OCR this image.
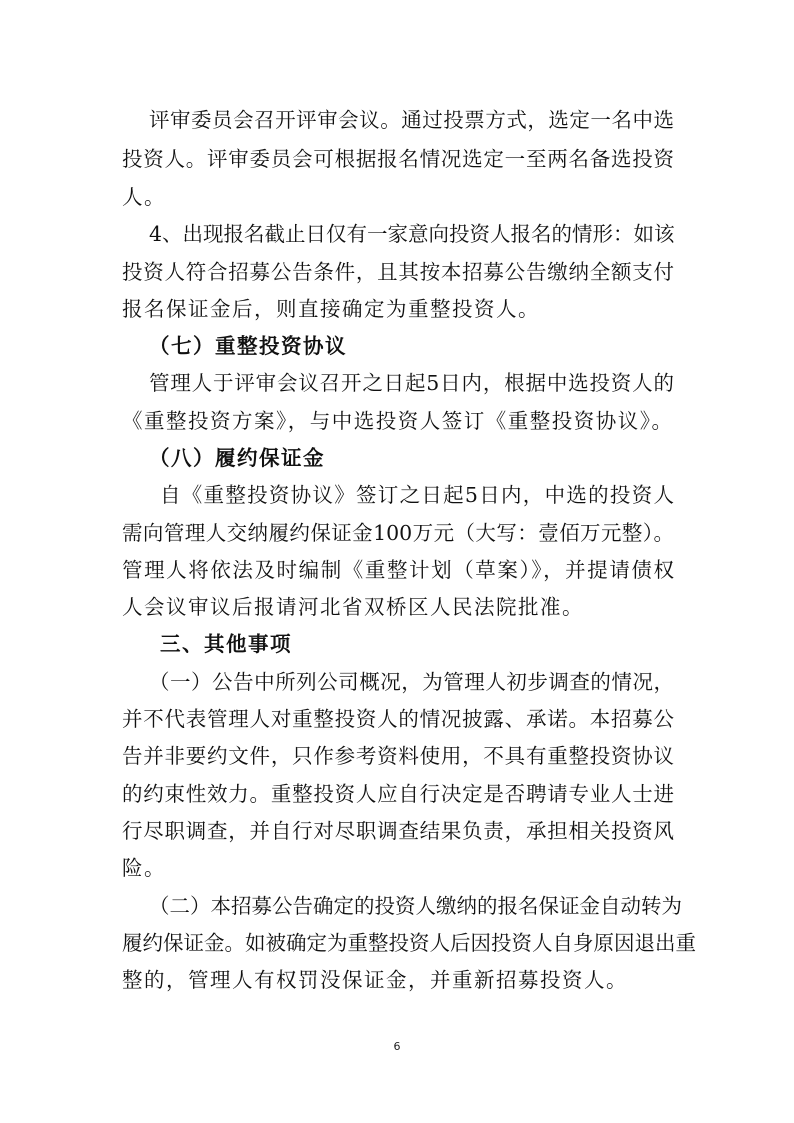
评审委员会召开评审会议。通过投票方式，选定一名中选
投资人。评审委员会可根据报名情况选定一至两名备选投资
人。
4、出现报名截止日仅有一家意向投资人报名的情形：如该
投资人符合招募公告条件，且其按本招募公告缴纳全额支付
报名保证金后，则直接确定为重整投资人。
（七）重整投资协议
管理人于评审会议召开之日起5日内，根据中选投资人的
《重整投资方案》，与中选投资人签订《重整投资协议》。
（八）履约保证金
自《重整投资协议》签订之日起5日内，中选的投资人
需向管理人交纳履约保证金100万元（大写：壹佰万元整）。
管理人将依法及时编制《重整计划（草案）》，并提请债权
人会议审议后报请河北省双桥区人民法院批准。
三、其他事项
（一）公告中所列公司概况，为管理人初步调查的情况，
并不代表管理人对重整投资人的情况披露、承诺。本招募公
告并非要约文件，只作参考资料使用，不具有重整投资协议
的约束性效力。重整投资人应自行决定是否聘请专业人士进
行尽职调查，并自行对尽职调查结果负责，承担相关投资风
险。
（二）本招募公告确定的投资人缴纳的报名保证金自动转为
履约保证金。如被确定为重整投资人后因投资人自身原因退出重
整的，管理人有权罚没保证金，并重新招募投资人。
6
